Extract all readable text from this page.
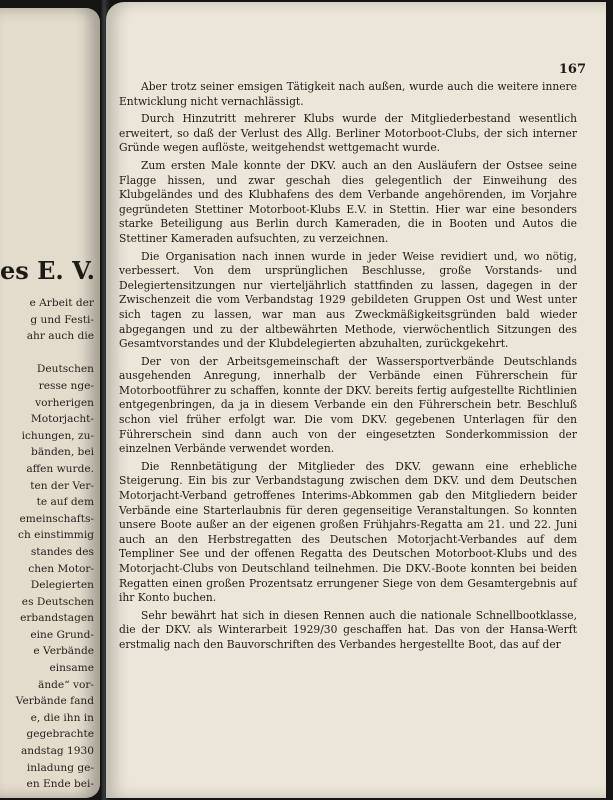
es E. V.
e Arbeit der
g und Festi-
ahr auch die

Deutschen
resse nge-
vorherigen
Motorjacht-
ichungen, zu-
bänden, bei
affen wurde.
ten der Ver-
te auf dem
emeinschafts-
ch einstimmig
standes des
chen Motor-
Delegierten
es Deutschen
erbandstagen
eine Grund-
e Verbände
einsame
ände“ vor-
Verbände fand
e, die ihn in
gegebrachte
andstag 1930
inladung ge-
en Ende bei-
167

Aber trotz seiner emsigen Tätigkeit nach außen, wurde auch die weitere innere Entwicklung nicht vernachlässigt.

Durch Hinzutritt mehrerer Klubs wurde der Mitgliederbestand wesentlich erweitert, so daß der Verlust des Allg. Berliner Motorboot-Clubs, der sich interner Gründe wegen auflöste, weitgehendst wettgemacht wurde.

Zum ersten Male konnte der DKV. auch an den Ausläufern der Ostsee seine Flagge hissen, und zwar geschah dies gelegentlich der Einweihung des Klubgeländes und des Klubhafens des dem Verbande angehörenden, im Vorjahre gegründeten Stettiner Motorboot-Klubs E.V. in Stettin. Hier war eine besonders starke Beteiligung aus Berlin durch Kameraden, die in Booten und Autos die Stettiner Kameraden aufsuchten, zu verzeichnen.

Die Organisation nach innen wurde in jeder Weise revidiert und, wo nötig, verbessert. Von dem ursprünglichen Beschlusse, große Vorstands- und Delegiertensitzungen nur vierteljährlich stattfinden zu lassen, dagegen in der Zwischenzeit die vom Verbandstag 1929 gebildeten Gruppen Ost und West unter sich tagen zu lassen, war man aus Zweckmäßigkeitsgründen bald wieder abgegangen und zu der altbewährten Methode, vierwöchentlich Sitzungen des Gesamtvorstandes und der Klubdelegierten abzuhalten, zurückgekehrt.

Der von der Arbeitsgemeinschaft der Wassersportverbände Deutschlands ausgehenden Anregung, innerhalb der Verbände einen Führerschein für Motorbootführer zu schaffen, konnte der DKV. bereits fertig aufgestellte Richtlinien entgegenbringen, da ja in diesem Verbande ein den Führerschein betr. Beschluß schon viel früher erfolgt war. Die vom DKV. gegebenen Unterlagen für den Führerschein sind dann auch von der eingesetzten Sonderkommission der einzelnen Verbände verwendet worden.

Die Rennbetätigung der Mitglieder des DKV. gewann eine erhebliche Steigerung. Ein bis zur Verbandstagung zwischen dem DKV. und dem Deutschen Motorjacht-Verband getroffenes Interims-Abkommen gab den Mitgliedern beider Verbände eine Starterlaubnis für deren gegenseitige Veranstaltungen. So konnten unsere Boote außer an der eigenen großen Frühjahrs-Regatta am 21. und 22. Juni auch an den Herbstregatten des Deutschen Motorjacht-Verbandes auf dem Templiner See und der offenen Regatta des Deutschen Motorboot-Klubs und des Motorjacht-Clubs von Deutschland teilnehmen. Die DKV.-Boote konnten bei beiden Regatten einen großen Prozentsatz errungener Siege von dem Gesamtergebnis auf ihr Konto buchen.

Sehr bewährt hat sich in diesen Rennen auch die nationale Schnellbootklasse, die der DKV. als Winterarbeit 1929/30 geschaffen hat. Das von der Hansa-Werft erstmalig nach den Bauvorschriften des Verbandes hergestellte Boot, das auf der
